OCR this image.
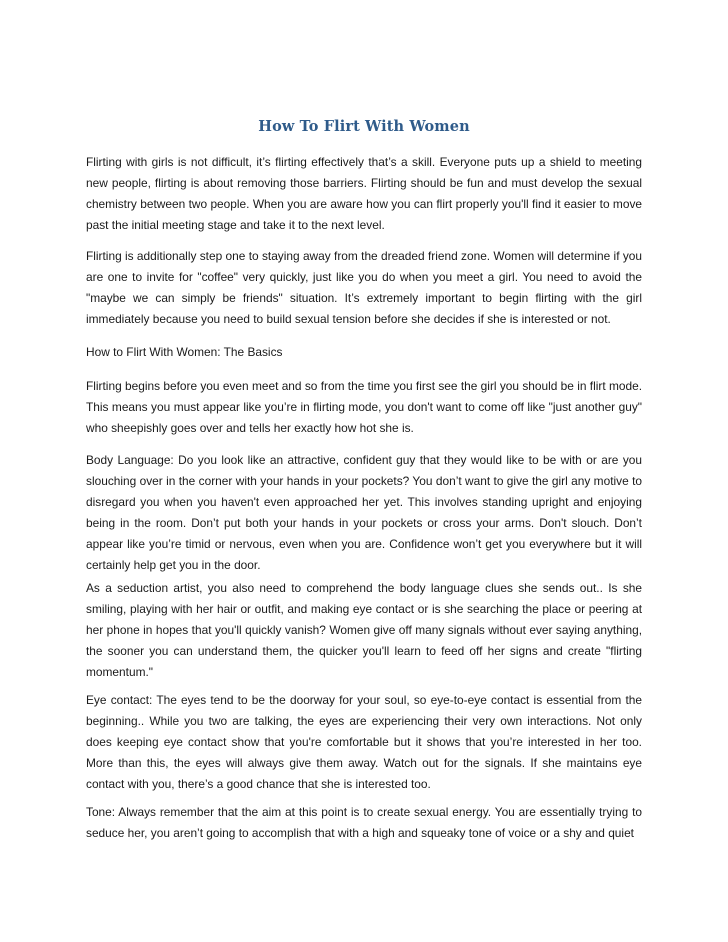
How To Flirt With Women

Flirting with girls is not difficult, it’s flirting effectively that’s a skill. Everyone puts up a shield to meeting new people, flirting is about removing those barriers. Flirting should be fun and must develop the sexual chemistry between two people. When you are aware how you can flirt properly you'll find it easier to move past the initial meeting stage and take it to the next level.

Flirting is additionally step one to staying away from the dreaded friend zone. Women will determine if you are one to invite for "coffee" very quickly, just like you do when you meet a girl. You need to avoid the "maybe we can simply be friends" situation. It’s extremely important to begin flirting with the girl immediately because you need to build sexual tension before she decides if she is interested or not.

How to Flirt With Women: The Basics

Flirting begins before you even meet and so from the time you first see the girl you should be in flirt mode. This means you must appear like you’re in flirting mode, you don't want to come off like "just another guy" who sheepishly goes over and tells her exactly how hot she is.

Body Language: Do you look like an attractive, confident guy that they would like to be with or are you slouching over in the corner with your hands in your pockets? You don’t want to give the girl any motive to disregard you when you haven't even approached her yet. This involves standing upright and enjoying being in the room. Don’t put both your hands in your pockets or cross your arms. Don't slouch. Don’t appear like you’re timid or nervous, even when you are. Confidence won’t get you everywhere but it will certainly help get you in the door.

As a seduction artist, you also need to comprehend the body language clues she sends out.. Is she smiling, playing with her hair or outfit, and making eye contact or is she searching the place or peering at her phone in hopes that you'll quickly vanish? Women give off many signals without ever saying anything, the sooner you can understand them, the quicker you'll learn to feed off her signs and create "flirting momentum."

Eye contact: The eyes tend to be the doorway for your soul, so eye-to-eye contact is essential from the beginning.. While you two are talking, the eyes are experiencing their very own interactions. Not only does keeping eye contact show that you're comfortable but it shows that you’re interested in her too. More than this, the eyes will always give them away. Watch out for the signals. If she maintains eye contact with you, there’s a good chance that she is interested too.

Tone: Always remember that the aim at this point is to create sexual energy. You are essentially trying to seduce her, you aren’t going to accomplish that with a high and squeaky tone of voice or a shy and quiet
